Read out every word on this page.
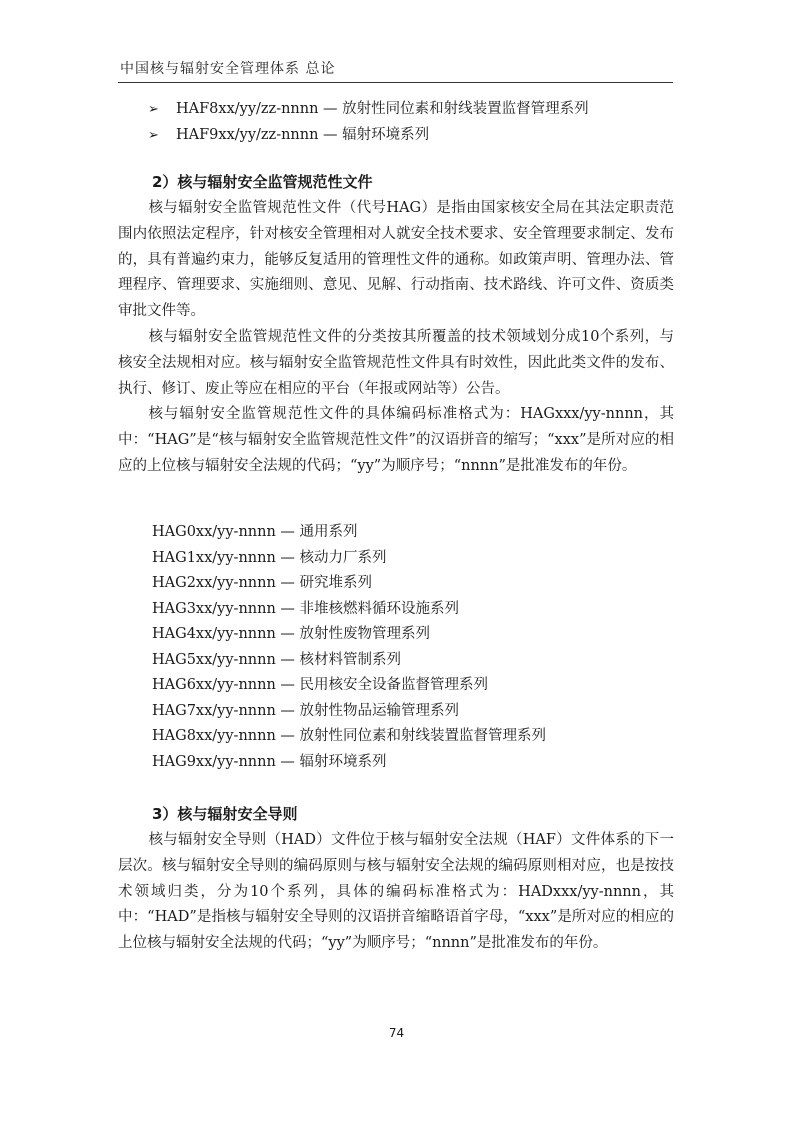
中国核与辐射安全管理体系 总论
➢ HAF8xx/yy/zz-nnnn — 放射性同位素和射线装置监督管理系列
➢ HAF9xx/yy/zz-nnnn — 辐射环境系列
2）核与辐射安全监管规范性文件

核与辐射安全监管规范性文件（代号HAG）是指由国家核安全局在其法定职责范围内依照法定程序，针对核安全管理相对人就安全技术要求、安全管理要求制定、发布的，具有普遍约束力，能够反复适用的管理性文件的通称。如政策声明、管理办法、管理程序、管理要求、实施细则、意见、见解、行动指南、技术路线、许可文件、资质类审批文件等。

核与辐射安全监管规范性文件的分类按其所覆盖的技术领域划分成10个系列，与核安全法规相对应。核与辐射安全监管规范性文件具有时效性，因此此类文件的发布、执行、修订、废止等应在相应的平台（年报或网站等）公告。

核与辐射安全监管规范性文件的具体编码标准格式为：HAGxxx/yy-nnnn，其中：“HAG”是“核与辐射安全监管规范性文件”的汉语拼音的缩写；“xxx”是所对应的相应的上位核与辐射安全法规的代码；“yy”为顺序号；“nnnn”是批准发布的年份。

HAG0xx/yy-nnnn — 通用系列
HAG1xx/yy-nnnn — 核动力厂系列
HAG2xx/yy-nnnn — 研究堆系列
HAG3xx/yy-nnnn — 非堆核燃料循环设施系列
HAG4xx/yy-nnnn — 放射性废物管理系列
HAG5xx/yy-nnnn — 核材料管制系列
HAG6xx/yy-nnnn — 民用核安全设备监督管理系列
HAG7xx/yy-nnnn — 放射性物品运输管理系列
HAG8xx/yy-nnnn — 放射性同位素和射线装置监督管理系列
HAG9xx/yy-nnnn — 辐射环境系列
3）核与辐射安全导则

核与辐射安全导则（HAD）文件位于核与辐射安全法规（HAF）文件体系的下一层次。核与辐射安全导则的编码原则与核与辐射安全法规的编码原则相对应，也是按技术领域归类，分为10个系列，具体的编码标准格式为：HADxxx/yy-nnnn，其中：“HAD”是指核与辐射安全导则的汉语拼音缩略语首字母，“xxx”是所对应的相应的上位核与辐射安全法规的代码；“yy”为顺序号；“nnnn”是批准发布的年份。

74
